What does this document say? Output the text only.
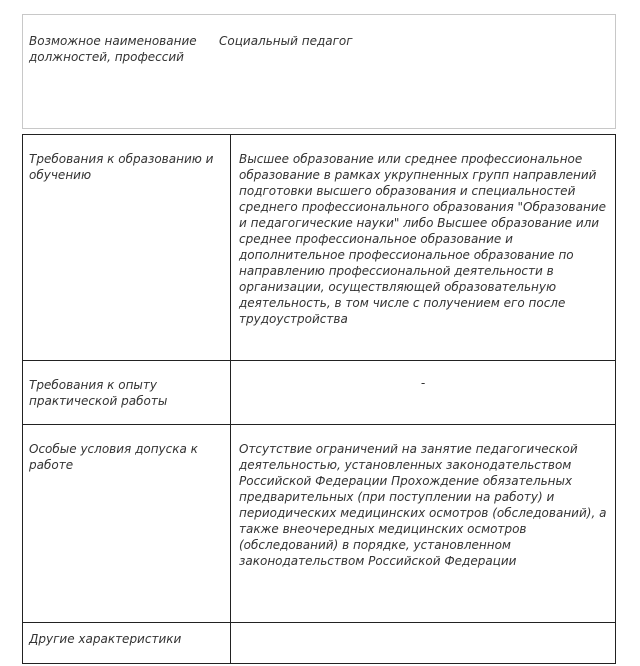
Возможное наименование должностей, профессий	Социальный педагог
Требования к образованию и обучению	Высшее образование или среднее профессиональное образование в рамках укрупненных групп направлений подготовки высшего образования и специальностей среднего профессионального образования "Образование и педагогические науки" либо Высшее образование или среднее профессиональное образование и дополнительное профессиональное образование по направлению профессиональной деятельности в организации, осуществляющей образовательную деятельность, в том числе с получением его после трудоустройства
Требования к опыту практической работы	-
Особые условия допуска к работе	Отсутствие ограничений на занятие педагогической деятельностью, установленных законодательством Российской Федерации Прохождение обязательных предварительных (при поступлении на работу) и периодических медицинских осмотров (обследований), а также внеочередных медицинских осмотров (обследований) в порядке, установленном законодательством Российской Федерации
Другие характеристики	
